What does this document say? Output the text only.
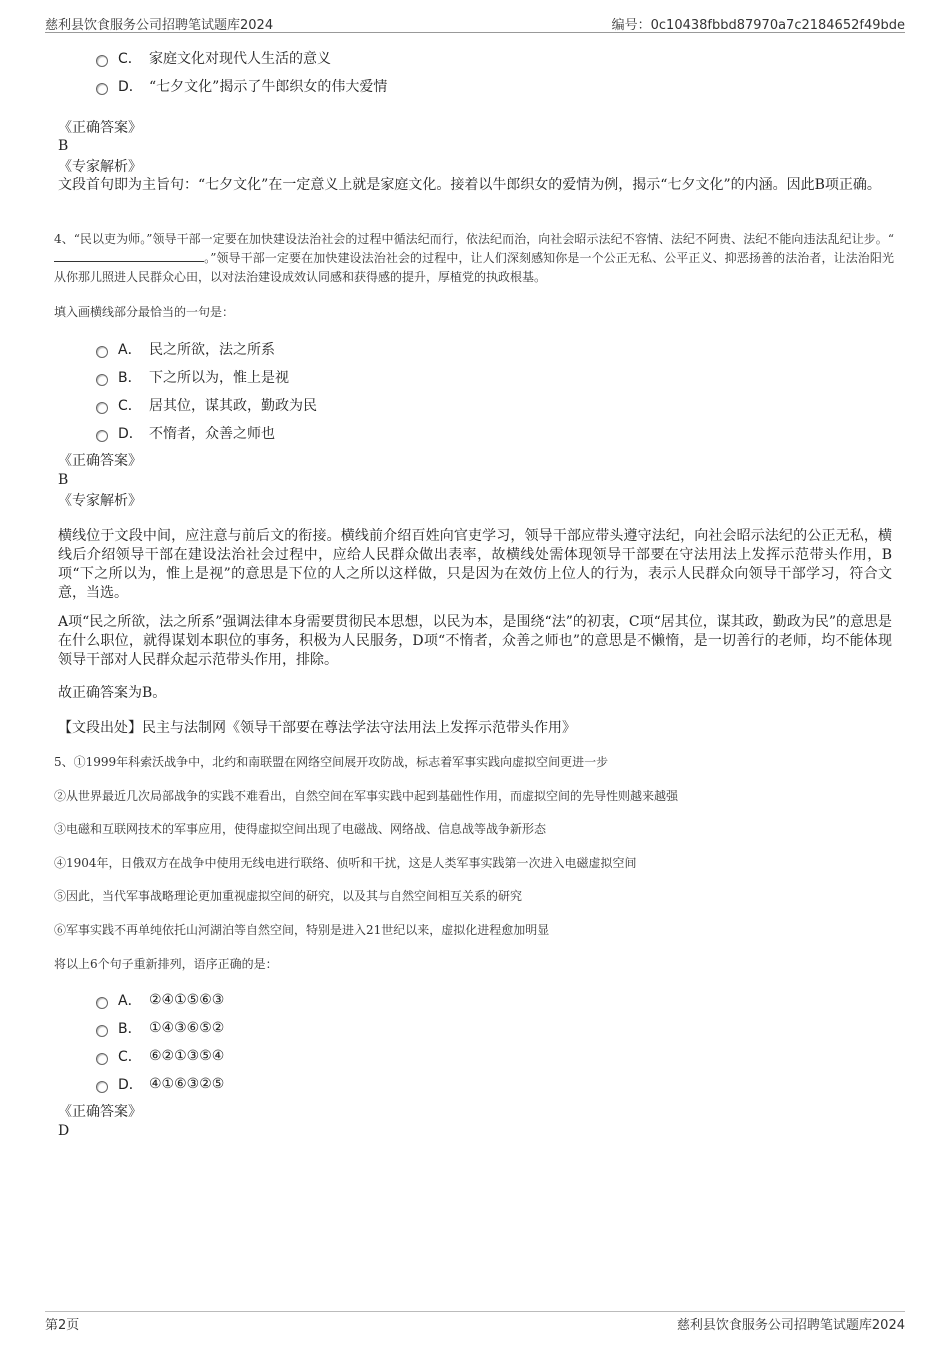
慈利县饮食服务公司招聘笔试题库2024	编号：0c10438fbbd87970a7c2184652f49bde
C． 家庭文化对现代人生活的意义
D． “七夕文化”揭示了牛郎织女的伟大爱情
《正确答案》
B
《专家解析》
文段首句即为主旨句：“七夕文化”在一定意义上就是家庭文化。接着以牛郎织女的爱情为例，揭示“七夕文化”的内涵。因此B项正确。
4、“民以吏为师。”领导干部一定要在加快建设法治社会的过程中循法纪而行，依法纪而治，向社会昭示法纪不容情、法纪不阿贵、法纪不能向违法乱纪让步。“。”领导干部一定要在加快建设法治社会的过程中，让人们深刻感知你是一个公正无私、公平正义、抑恶扬善的法治者，让法治阳光从你那儿照进人民群众心田，以对法治建设成效认同感和获得感的提升，厚植党的执政根基。
填入画横线部分最恰当的一句是：
A． 民之所欲，法之所系
B． 下之所以为，惟上是视
C． 居其位，谋其政，勤政为民
D． 不惰者，众善之师也
《正确答案》
B
《专家解析》
横线位于文段中间，应注意与前后文的衔接。横线前介绍百姓向官吏学习，领导干部应带头遵守法纪，向社会昭示法纪的公正无私，横线后介绍领导干部在建设法治社会过程中，应给人民群众做出表率，故横线处需体现领导干部要在守法用法上发挥示范带头作用，B项“下之所以为，惟上是视”的意思是下位的人之所以这样做，只是因为在效仿上位人的行为，表示人民群众向领导干部学习，符合文意，当选。
A项“民之所欲，法之所系”强调法律本身需要贯彻民本思想，以民为本，是围绕“法”的初衷，C项“居其位，谋其政，勤政为民”的意思是在什么职位，就得谋划本职位的事务，积极为人民服务，D项“不惰者，众善之师也”的意思是不懒惰，是一切善行的老师，均不能体现领导干部对人民群众起示范带头作用，排除。
故正确答案为B。
【文段出处】民主与法制网《领导干部要在尊法学法守法用法上发挥示范带头作用》
5、①1999年科索沃战争中，北约和南联盟在网络空间展开攻防战，标志着军事实践向虚拟空间更进一步
②从世界最近几次局部战争的实践不难看出，自然空间在军事实践中起到基础性作用，而虚拟空间的先导性则越来越强
③电磁和互联网技术的军事应用，使得虚拟空间出现了电磁战、网络战、信息战等战争新形态
④1904年，日俄双方在战争中使用无线电进行联络、侦听和干扰，这是人类军事实践第一次进入电磁虚拟空间
⑤因此，当代军事战略理论更加重视虚拟空间的研究，以及其与自然空间相互关系的研究
⑥军事实践不再单纯依托山河湖泊等自然空间，特别是进入21世纪以来，虚拟化进程愈加明显
将以上6个句子重新排列，语序正确的是：
A． ②④①⑤⑥③
B． ①④③⑥⑤②
C． ⑥②①③⑤④
D． ④①⑥③②⑤
《正确答案》
D
第2页	慈利县饮食服务公司招聘笔试题库2024
